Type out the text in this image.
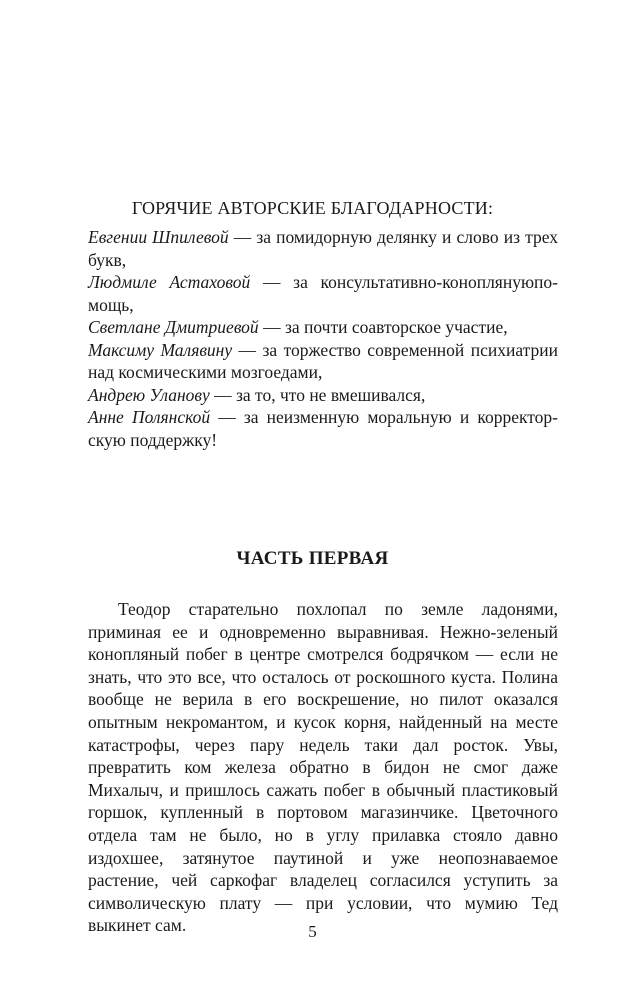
ГОРЯЧИЕ АВТОРСКИЕ БЛАГОДАРНОСТИ:

Евгении Шпилевой — за помидорную делянку и слово из трех букв,

Людмиле Астаховой — за консультативно-коноплянуюпо-мощь,

Светлане Дмитриевой — за почти соавторское участие,

Максиму Малявину — за торжество современной психиатрии над космическими мозгоедами,

Андрею Уланову — за то, что не вмешивался,

Анне Полянской — за неизменную моральную и корректор-скую поддержку!

ЧАСТЬ ПЕРВАЯ

Теодор старательно похлопал по земле ладонями, приминая ее и одновременно выравнивая. Нежно-зеленый конопляный побег в центре смотрелся бодрячком — если не знать, что это все, что осталось от роскошного куста. Полина вообще не верила в его воскрешение, но пилот оказался опытным некромантом, и кусок корня, найденный на месте катастрофы, через пару недель таки дал росток. Увы, превратить ком железа обратно в бидон не смог даже Михалыч, и пришлось сажать побег в обычный пластиковый горшок, купленный в портовом магазинчике. Цветочного отдела там не было, но в углу прилавка стояло давно издохшее, затянутое паутиной и уже неопознаваемое растение, чей саркофаг владелец согласился уступить за символическую плату — при условии, что мумию Тед выкинет сам.	5
